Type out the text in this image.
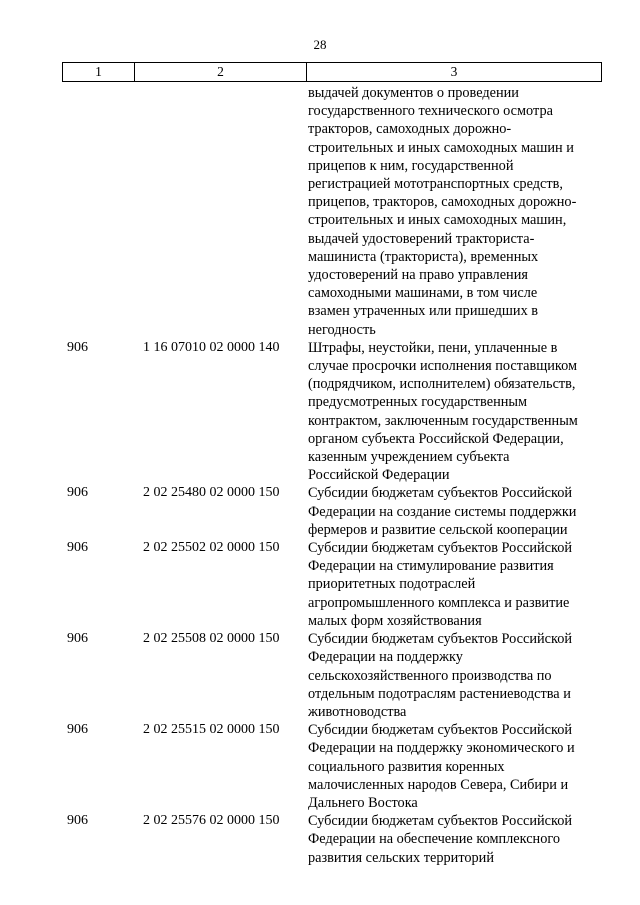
28
1	2	3
выдачей документов о проведении
государственного технического осмотра
тракторов, самоходных дорожно-
строительных и иных самоходных машин и
прицепов к ним, государственной
регистрацией мототранспортных средств,
прицепов, тракторов, самоходных дорожно-
строительных и иных самоходных машин,
выдачей удостоверений тракториста-
машиниста (тракториста), временных
удостоверений на право управления
самоходными машинами, в том числе
взамен утраченных или пришедших в
негодность
906	1 16 07010 02 0000 140 Штрафы, неустойки, пени, уплаченные в
случае просрочки исполнения поставщиком
(подрядчиком, исполнителем) обязательств,
предусмотренных государственным
контрактом, заключенным государственным
органом субъекта Российской Федерации,
казенным учреждением субъекта
Российской Федерации
906	2 02 25480 02 0000 150 Субсидии бюджетам субъектов Российской
Федерации на создание системы поддержки
фермеров и развитие сельской кооперации
906	2 02 25502 02 0000 150 Субсидии бюджетам субъектов Российской
Федерации на стимулирование развития
приоритетных подотраслей
агропромышленного комплекса и развитие
малых форм хозяйствования
906	2 02 25508 02 0000 150 Субсидии бюджетам субъектов Российской
Федерации на поддержку
сельскохозяйственного производства по
отдельным подотраслям растениеводства и
животноводства
906	2 02 25515 02 0000 150 Субсидии бюджетам субъектов Российской
Федерации на поддержку экономического и
социального развития коренных
малочисленных народов Севера, Сибири и
Дальнего Востока
906	2 02 25576 02 0000 150 Субсидии бюджетам субъектов Российской
Федерации на обеспечение комплексного
развития сельских территорий
